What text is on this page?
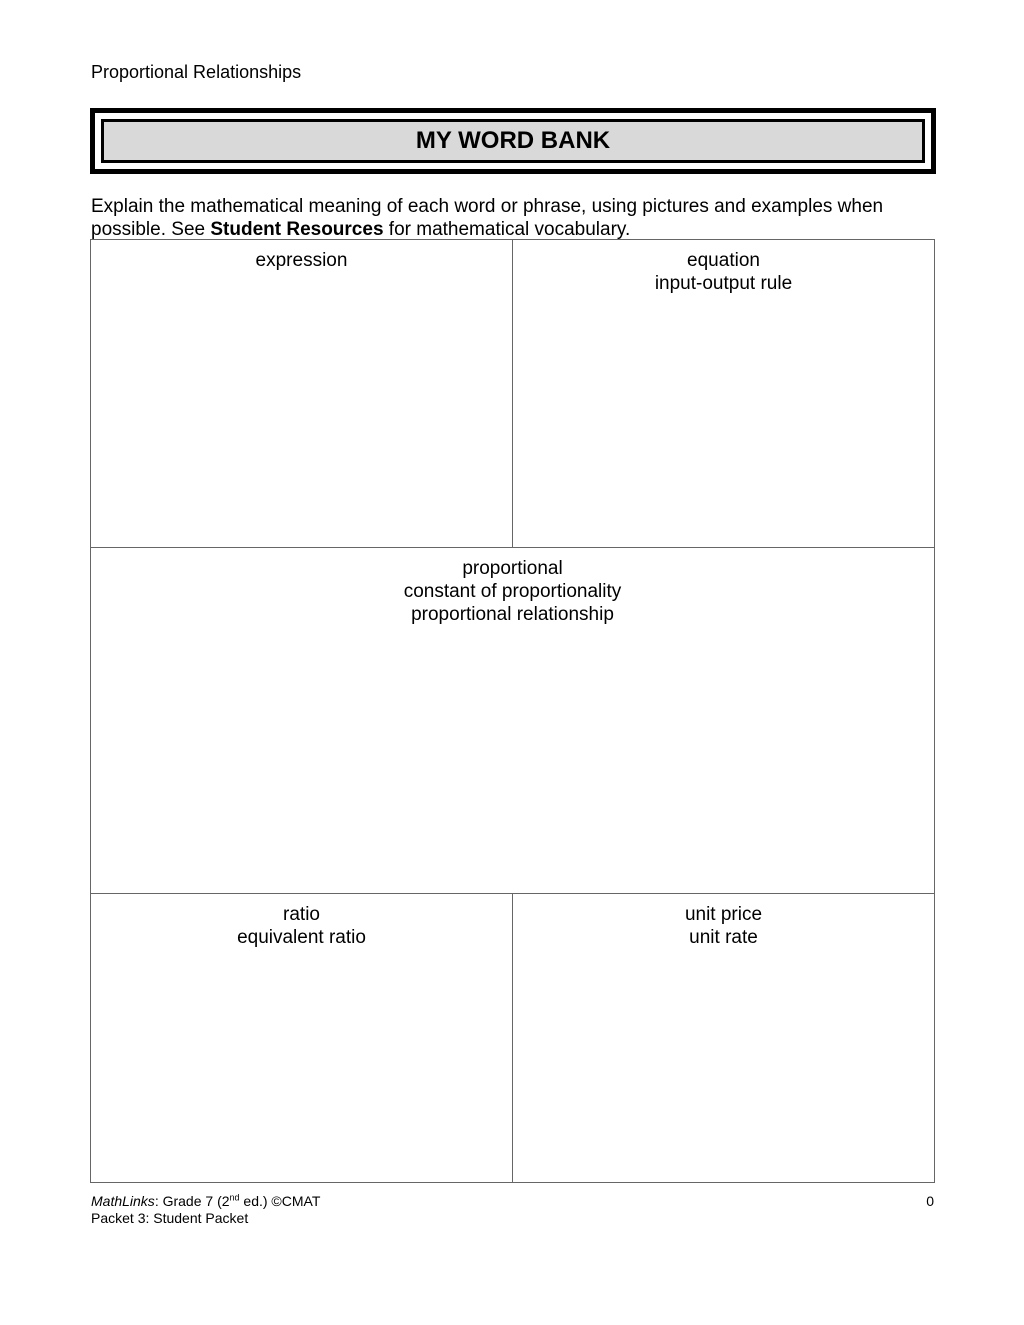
Proportional Relationships
MY WORD BANK
Explain the mathematical meaning of each word or phrase, using pictures and examples when possible. See Student Resources for mathematical vocabulary.
expression	equation
input-output rule
proportional
constant of proportionality
proportional relationship
ratio
equivalent ratio
unit price
unit rate
MathLinks: Grade 7 (2nd ed.) ©CMAT
Packet 3: Student Packet
0
